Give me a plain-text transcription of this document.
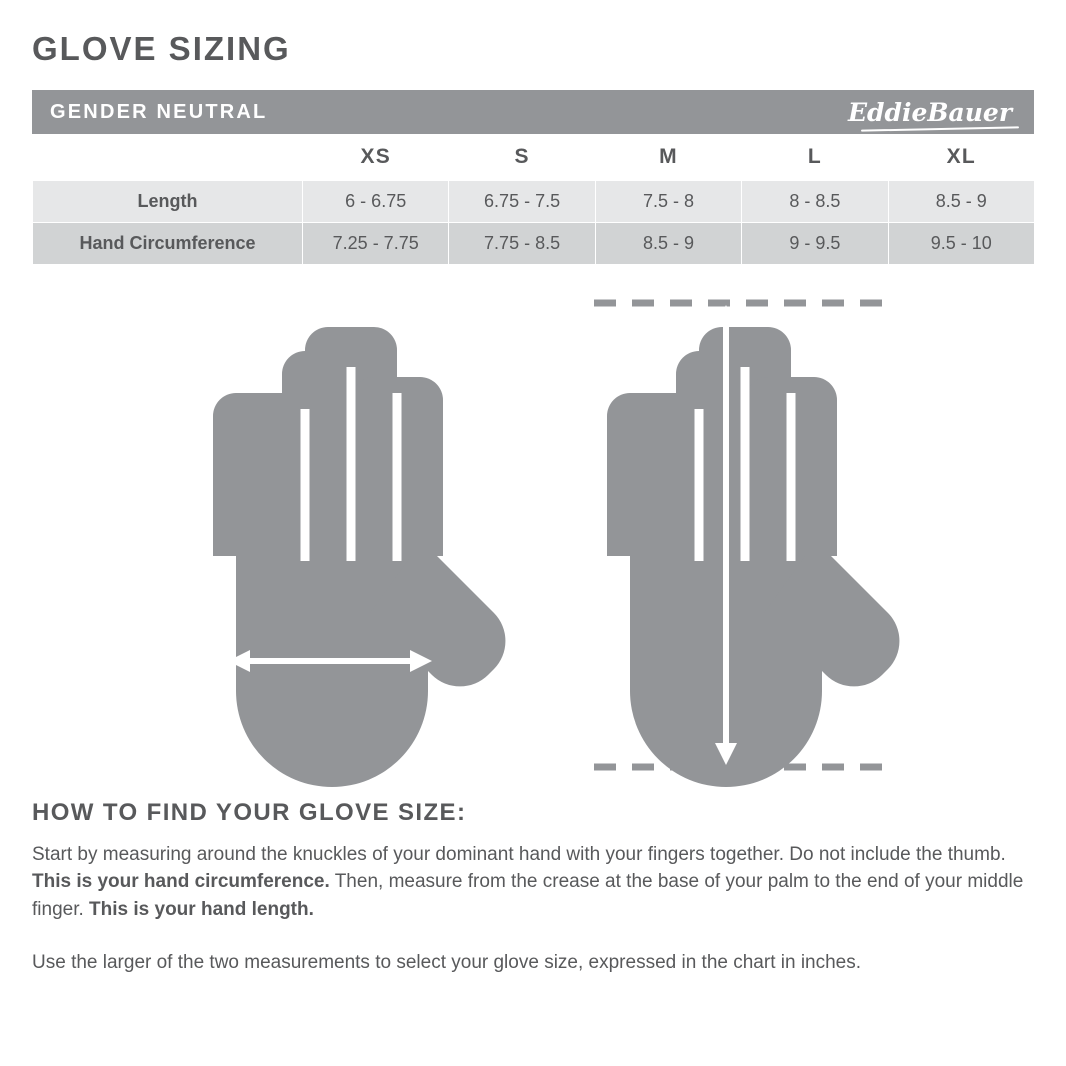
GLOVE SIZING
GENDER NEUTRAL	EddieBauer
	XS	S	M	L	XL
Length	6 - 6.75	6.75 - 7.5	7.5 - 8	8 - 8.5	8.5 - 9
Hand Circumference	7.25 - 7.75	7.75 - 8.5	8.5 - 9	9 - 9.5	9.5 - 10
HOW TO FIND YOUR GLOVE SIZE:

Start by measuring around the knuckles of your dominant hand with your fingers together. Do not include the thumb. This is your hand circumference. Then, measure from the crease at the base of your palm to the end of your middle finger. This is your hand length.

Use the larger of the two measurements to select your glove size, expressed in the chart in inches.
